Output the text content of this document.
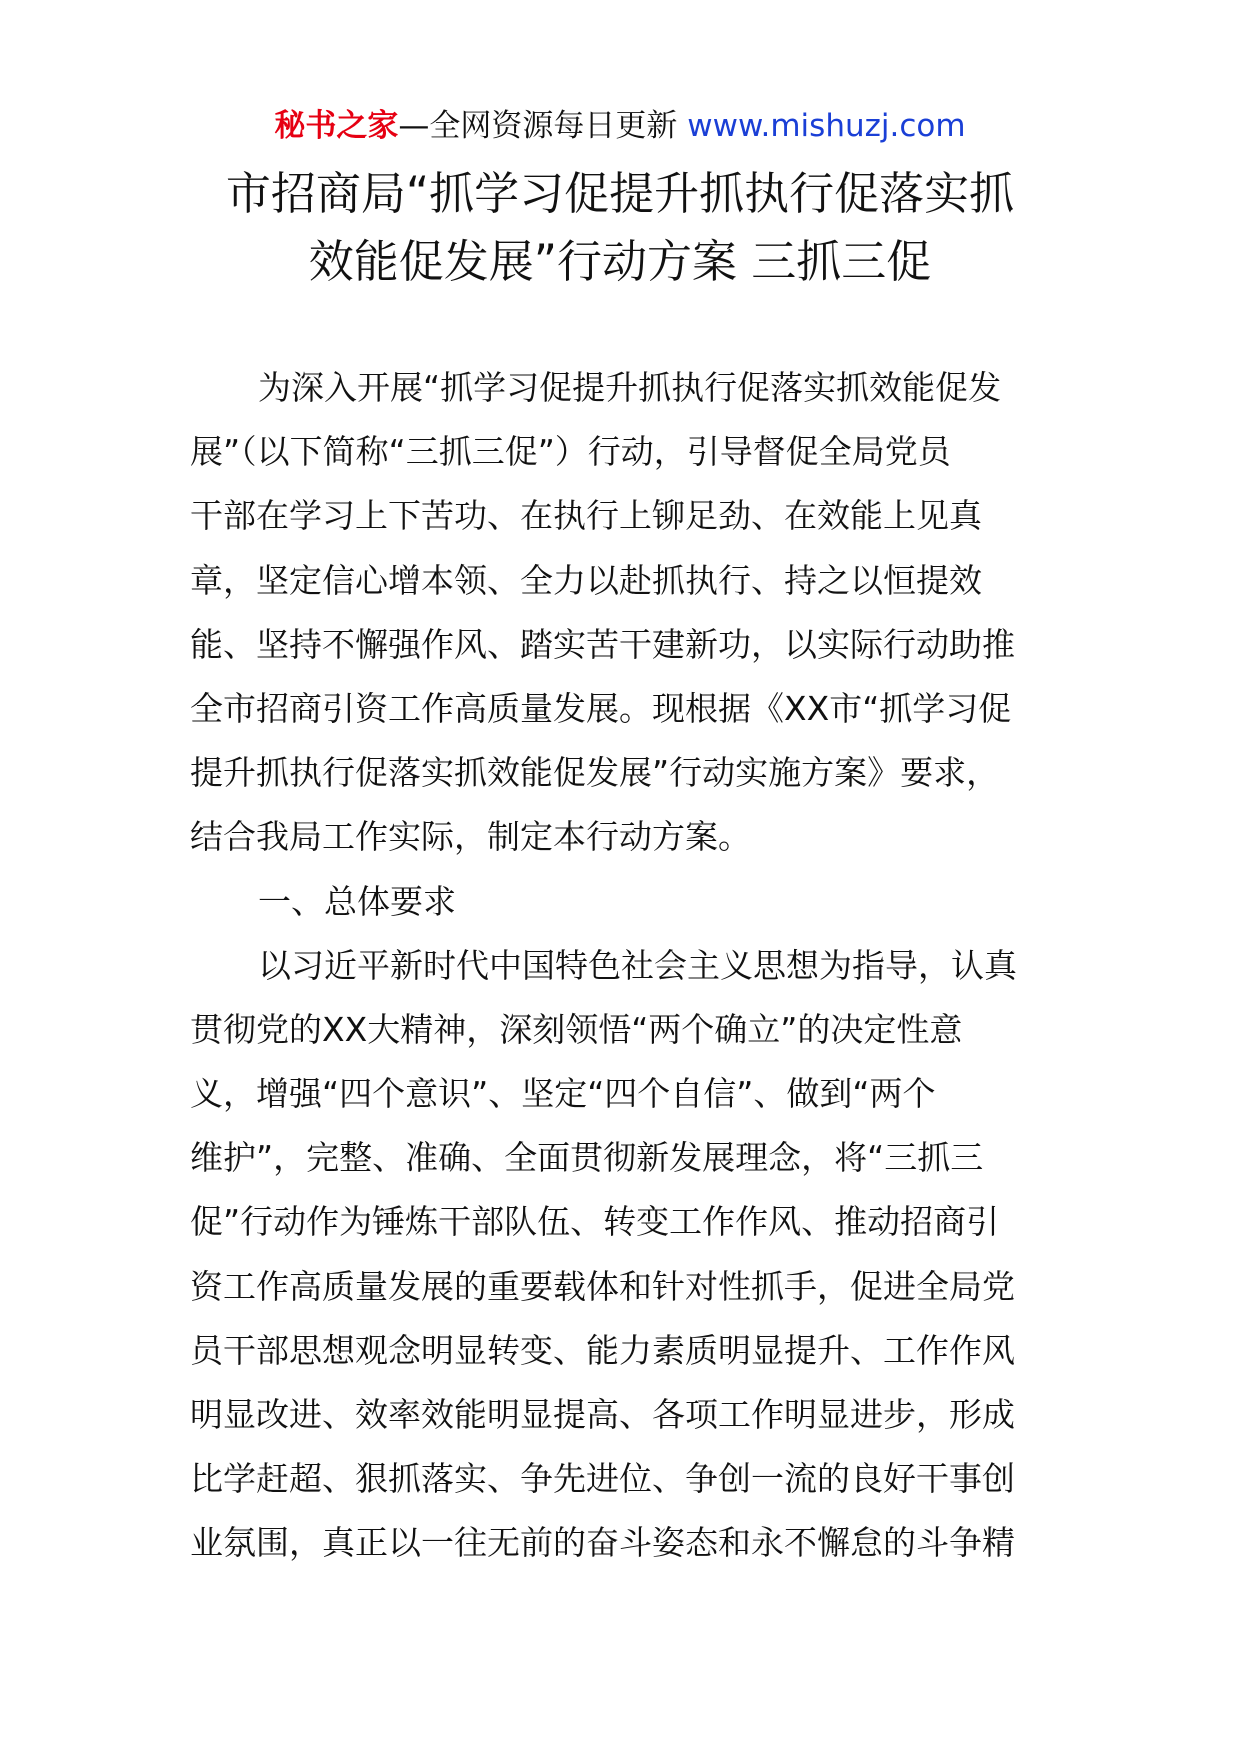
秘书之家—全网资源每日更新 www.mishuzj.com
市招商局“抓学习促提升抓执行促落实抓
效能促发展”行动方案 三抓三促
为深入开展“抓学习促提升抓执行促落实抓效能促发
展”（以下简称“三抓三促”）行动，引导督促全局党员
干部在学习上下苦功、在执行上铆足劲、在效能上见真
章，坚定信心增本领、全力以赴抓执行、持之以恒提效
能、坚持不懈强作风、踏实苦干建新功，以实际行动助推
全市招商引资工作高质量发展。现根据《XX市“抓学习促
提升抓执行促落实抓效能促发展”行动实施方案》要求，
结合我局工作实际，制定本行动方案。
一、总体要求
以习近平新时代中国特色社会主义思想为指导，认真
贯彻党的XX大精神，深刻领悟“两个确立”的决定性意
义，增强“四个意识”、坚定“四个自信”、做到“两个
维护”，完整、准确、全面贯彻新发展理念，将“三抓三
促”行动作为锤炼干部队伍、转变工作作风、推动招商引
资工作高质量发展的重要载体和针对性抓手，促进全局党
员干部思想观念明显转变、能力素质明显提升、工作作风
明显改进、效率效能明显提高、各项工作明显进步，形成
比学赶超、狠抓落实、争先进位、争创一流的良好干事创
业氛围，真正以一往无前的奋斗姿态和永不懈怠的斗争精
